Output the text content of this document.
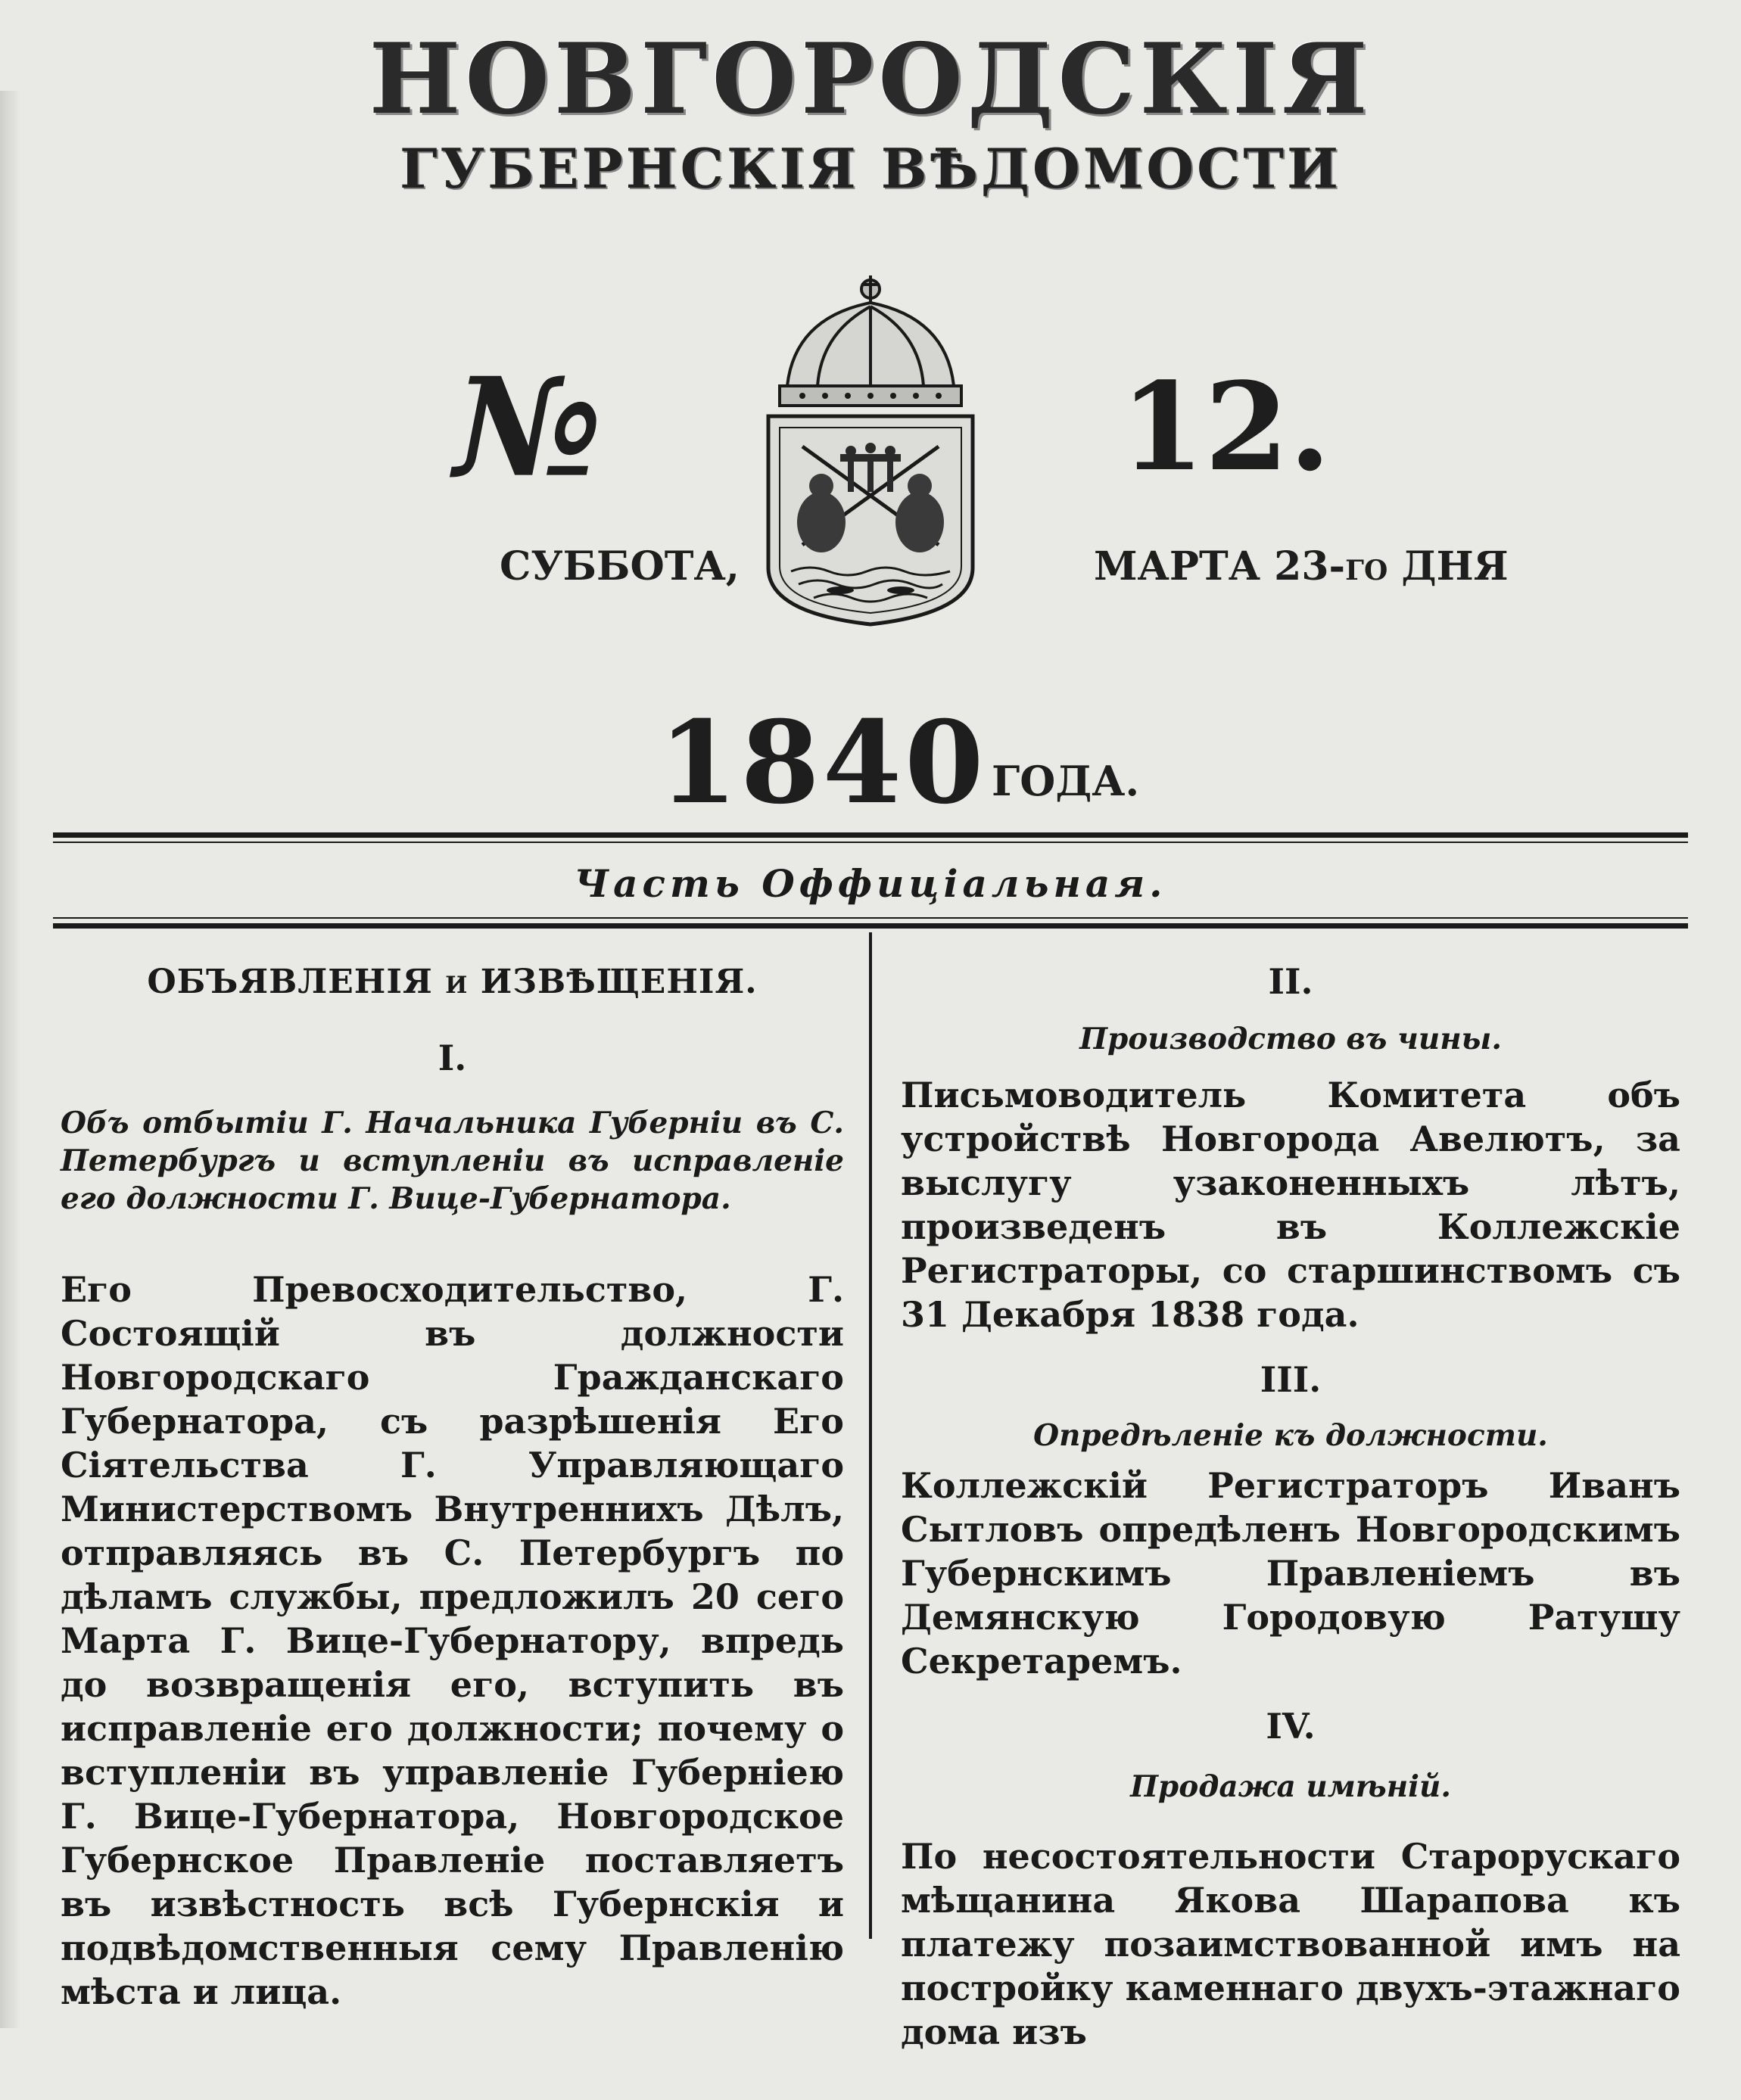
НОВГОРОДСКІЯ
ГУБЕРНСКІЯ ВѢДОМОСТИ
№	12.
СУББОТА,	МАРТА 23-го ДНЯ
1840 ГОДА.
Часть Оффиціальная.
ОБЪЯВЛЕНІЯ и ИЗВѢЩЕНІЯ.
I.
Объ отбытіи Г. Начальника Губерніи въ С. Петербургъ и вступленіи въ исправленіе его должности Г. Вице-Губернатора.
Его Превосходительство, Г. Состоящій въ должности Новгородскаго Гражданскаго Губернатора, съ разрѣшенія Его Сіятельства Г. Управляющаго Министерствомъ Внутреннихъ Дѣлъ, отправляясь въ С. Петербургъ по дѣламъ службы, предложилъ 20 сего Марта Г. Вице-Губернатору, впредь до возвращенія его, вступить въ исправленіе его должности; почему о вступленіи въ управленіе Губерніею Г. Вице-Губернатора, Новгородское Губернское Правленіе поставляетъ въ извѣстность всѣ Губернскія и подвѣдомственныя сему Правленію мѣста и лица.
II.
Производство въ чины.
Письмоводитель Комитета объ устройствѣ Новгорода Авелютъ, за выслугу узаконенныхъ лѣтъ, произведенъ въ Коллежскіе Регистраторы, со старшинствомъ съ 31 Декабря 1838 года.
III.
Опредѣленіе къ должности.
Коллежскій Регистраторъ Иванъ Сытловъ опредѣленъ Новгородскимъ Губернскимъ Правленіемъ въ Демянскую Городовую Ратушу Секретаремъ.
IV.
Продажа имѣній.
По несостоятельности Старорускаго мѣщанина Якова Шарапова къ платежу позаимствованной имъ на постройку каменнаго двухъ-этажнаго дома изъ
